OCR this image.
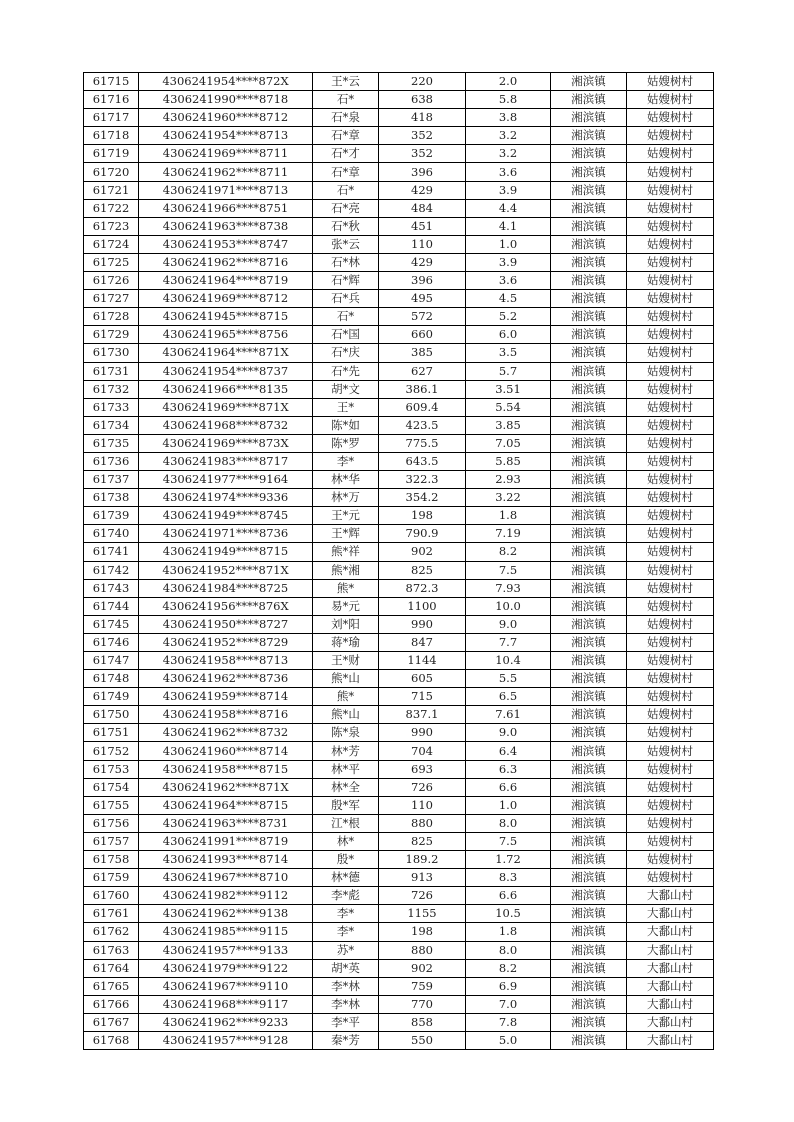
61715	4306241954****872X	王*云	220	2.0	湘滨镇	姑嫂树村
61716	4306241990****8718	石*	638	5.8	湘滨镇	姑嫂树村
61717	4306241960****8712	石*泉	418	3.8	湘滨镇	姑嫂树村
61718	4306241954****8713	石*章	352	3.2	湘滨镇	姑嫂树村
61719	4306241969****8711	石*才	352	3.2	湘滨镇	姑嫂树村
61720	4306241962****8711	石*章	396	3.6	湘滨镇	姑嫂树村
61721	4306241971****8713	石*	429	3.9	湘滨镇	姑嫂树村
61722	4306241966****8751	石*亮	484	4.4	湘滨镇	姑嫂树村
61723	4306241963****8738	石*秋	451	4.1	湘滨镇	姑嫂树村
61724	4306241953****8747	张*云	110	1.0	湘滨镇	姑嫂树村
61725	4306241962****8716	石*林	429	3.9	湘滨镇	姑嫂树村
61726	4306241964****8719	石*辉	396	3.6	湘滨镇	姑嫂树村
61727	4306241969****8712	石*兵	495	4.5	湘滨镇	姑嫂树村
61728	4306241945****8715	石*	572	5.2	湘滨镇	姑嫂树村
61729	4306241965****8756	石*国	660	6.0	湘滨镇	姑嫂树村
61730	4306241964****871X	石*庆	385	3.5	湘滨镇	姑嫂树村
61731	4306241954****8737	石*先	627	5.7	湘滨镇	姑嫂树村
61732	4306241966****8135	胡*文	386.1	3.51	湘滨镇	姑嫂树村
61733	4306241969****871X	王*	609.4	5.54	湘滨镇	姑嫂树村
61734	4306241968****8732	陈*如	423.5	3.85	湘滨镇	姑嫂树村
61735	4306241969****873X	陈*罗	775.5	7.05	湘滨镇	姑嫂树村
61736	4306241983****8717	李*	643.5	5.85	湘滨镇	姑嫂树村
61737	4306241977****9164	林*华	322.3	2.93	湘滨镇	姑嫂树村
61738	4306241974****9336	林*万	354.2	3.22	湘滨镇	姑嫂树村
61739	4306241949****8745	王*元	198	1.8	湘滨镇	姑嫂树村
61740	4306241971****8736	王*辉	790.9	7.19	湘滨镇	姑嫂树村
61741	4306241949****8715	熊*祥	902	8.2	湘滨镇	姑嫂树村
61742	4306241952****871X	熊*湘	825	7.5	湘滨镇	姑嫂树村
61743	4306241984****8725	熊*	872.3	7.93	湘滨镇	姑嫂树村
61744	4306241956****876X	易*元	1100	10.0	湘滨镇	姑嫂树村
61745	4306241950****8727	刘*阳	990	9.0	湘滨镇	姑嫂树村
61746	4306241952****8729	蒋*瑜	847	7.7	湘滨镇	姑嫂树村
61747	4306241958****8713	王*财	1144	10.4	湘滨镇	姑嫂树村
61748	4306241962****8736	熊*山	605	5.5	湘滨镇	姑嫂树村
61749	4306241959****8714	熊*	715	6.5	湘滨镇	姑嫂树村
61750	4306241958****8716	熊*山	837.1	7.61	湘滨镇	姑嫂树村
61751	4306241962****8732	陈*泉	990	9.0	湘滨镇	姑嫂树村
61752	4306241960****8714	林*芳	704	6.4	湘滨镇	姑嫂树村
61753	4306241958****8715	林*平	693	6.3	湘滨镇	姑嫂树村
61754	4306241962****871X	林*全	726	6.6	湘滨镇	姑嫂树村
61755	4306241964****8715	殷*军	110	1.0	湘滨镇	姑嫂树村
61756	4306241963****8731	江*根	880	8.0	湘滨镇	姑嫂树村
61757	4306241991****8719	林*	825	7.5	湘滨镇	姑嫂树村
61758	4306241993****8714	殷*	189.2	1.72	湘滨镇	姑嫂树村
61759	4306241967****8710	林*德	913	8.3	湘滨镇	姑嫂树村
61760	4306241982****9112	李*彪	726	6.6	湘滨镇	大鄱山村
61761	4306241962****9138	李*	1155	10.5	湘滨镇	大鄱山村
61762	4306241985****9115	李*	198	1.8	湘滨镇	大鄱山村
61763	4306241957****9133	苏*	880	8.0	湘滨镇	大鄱山村
61764	4306241979****9122	胡*英	902	8.2	湘滨镇	大鄱山村
61765	4306241967****9110	李*林	759	6.9	湘滨镇	大鄱山村
61766	4306241968****9117	李*林	770	7.0	湘滨镇	大鄱山村
61767	4306241962****9233	李*平	858	7.8	湘滨镇	大鄱山村
61768	4306241957****9128	秦*芳	550	5.0	湘滨镇	大鄱山村
